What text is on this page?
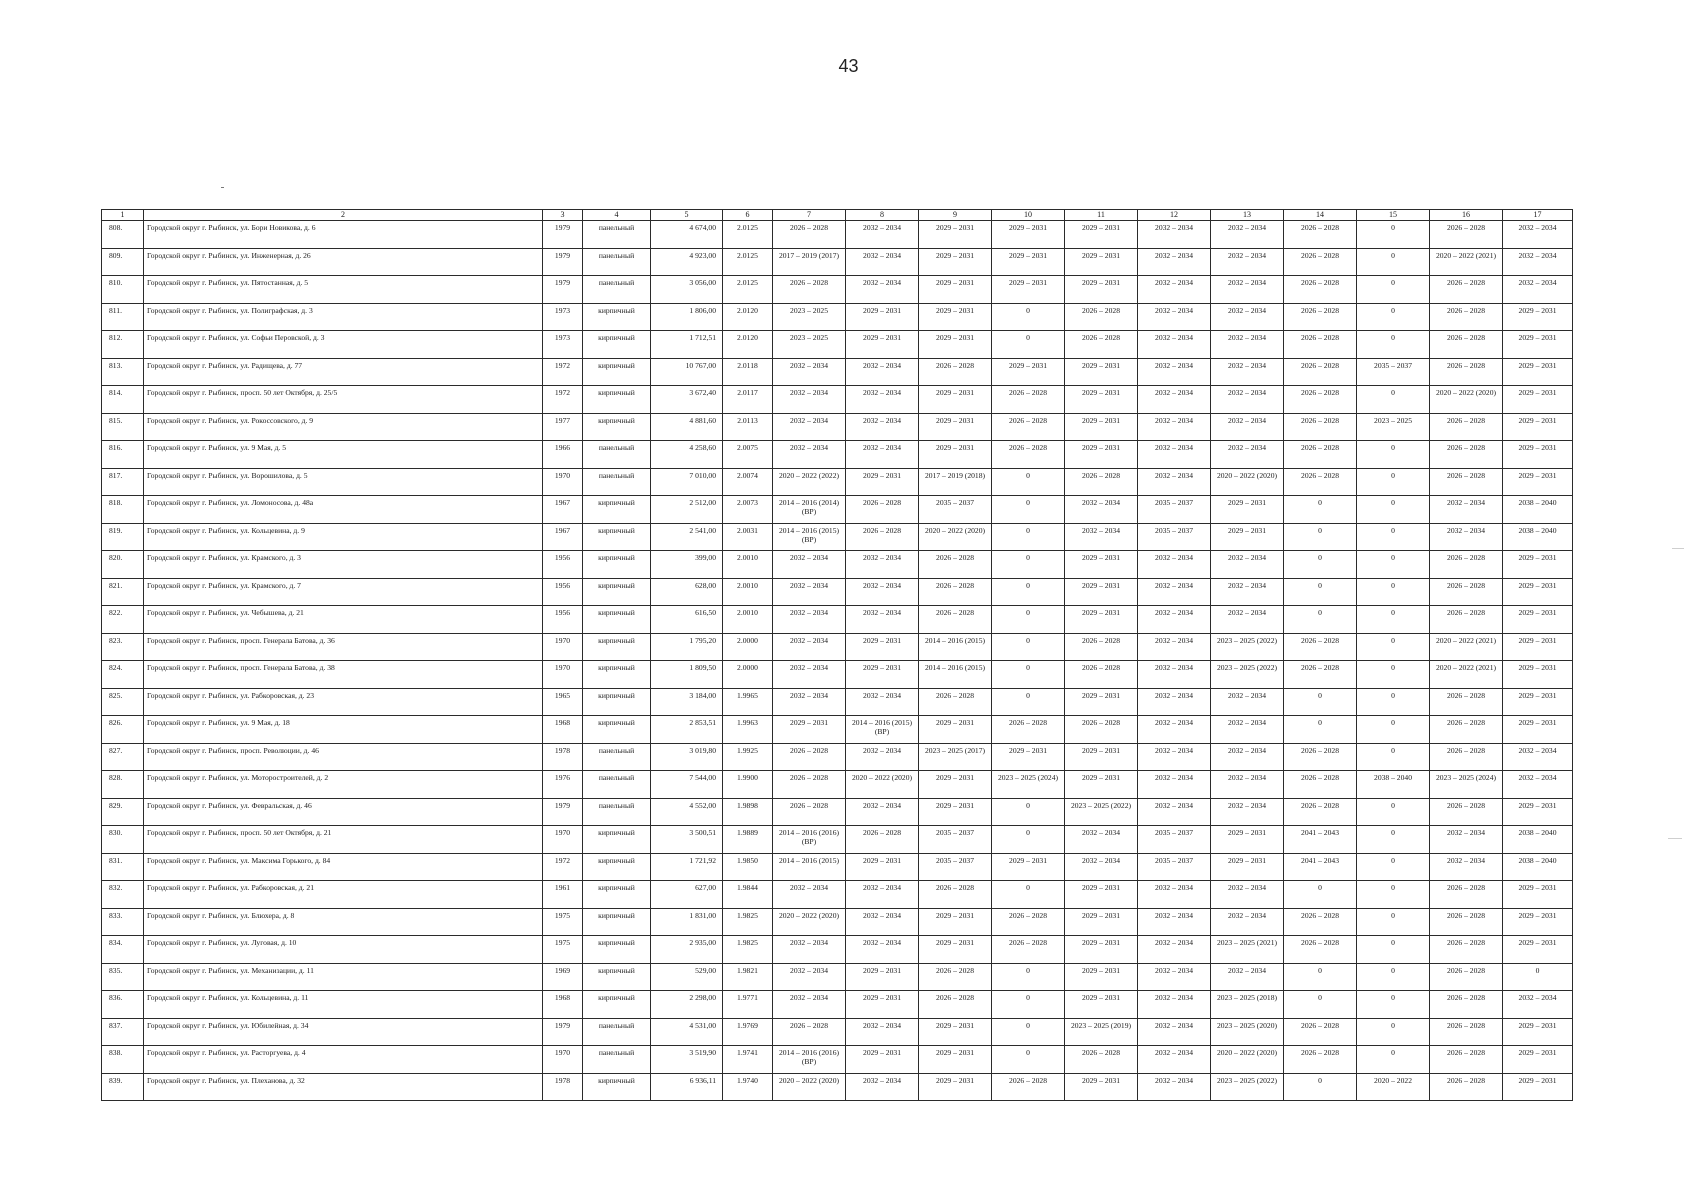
43
1	2	3	4	5	6	7	8	9	10	11	12	13	14	15	16	17
808.	Городской округ г. Рыбинск, ул. Бори Новикова, д. 6	1979	панельный	4 674,00	2.0125	2026 – 2028	2032 – 2034	2029 – 2031	2029 – 2031	2029 – 2031	2032 – 2034	2032 – 2034	2026 – 2028	0	2026 – 2028	2032 – 2034
809.	Городской округ г. Рыбинск, ул. Инженерная, д. 26	1979	панельный	4 923,00	2.0125	2017 – 2019 (2017)	2032 – 2034	2029 – 2031	2029 – 2031	2029 – 2031	2032 – 2034	2032 – 2034	2026 – 2028	0	2020 – 2022 (2021)	2032 – 2034
810.	Городской округ г. Рыбинск, ул. Пятостанная, д. 5	1979	панельный	3 056,00	2.0125	2026 – 2028	2032 – 2034	2029 – 2031	2029 – 2031	2029 – 2031	2032 – 2034	2032 – 2034	2026 – 2028	0	2026 – 2028	2032 – 2034
811.	Городской округ г. Рыбинск, ул. Полиграфская, д. 3	1973	кирпичный	1 806,00	2.0120	2023 – 2025	2029 – 2031	2029 – 2031	0	2026 – 2028	2032 – 2034	2032 – 2034	2026 – 2028	0	2026 – 2028	2029 – 2031
812.	Городской округ г. Рыбинск, ул. Софьи Перовской, д. 3	1973	кирпичный	1 712,51	2.0120	2023 – 2025	2029 – 2031	2029 – 2031	0	2026 – 2028	2032 – 2034	2032 – 2034	2026 – 2028	0	2026 – 2028	2029 – 2031
813.	Городской округ г. Рыбинск, ул. Радищева, д. 77	1972	кирпичный	10 767,00	2.0118	2032 – 2034	2032 – 2034	2026 – 2028	2029 – 2031	2029 – 2031	2032 – 2034	2032 – 2034	2026 – 2028	2035 – 2037	2026 – 2028	2029 – 2031
814.	Городской округ г. Рыбинск, просп. 50 лет Октября, д. 25/5	1972	кирпичный	3 672,40	2.0117	2032 – 2034	2032 – 2034	2029 – 2031	2026 – 2028	2029 – 2031	2032 – 2034	2032 – 2034	2026 – 2028	0	2020 – 2022 (2020)	2029 – 2031
815.	Городской округ г. Рыбинск, ул. Рокоссовского, д. 9	1977	кирпичный	4 881,60	2.0113	2032 – 2034	2032 – 2034	2029 – 2031	2026 – 2028	2029 – 2031	2032 – 2034	2032 – 2034	2026 – 2028	2023 – 2025	2026 – 2028	2029 – 2031
816.	Городской округ г. Рыбинск, ул. 9 Мая, д. 5	1966	панельный	4 258,60	2.0075	2032 – 2034	2032 – 2034	2029 – 2031	2026 – 2028	2029 – 2031	2032 – 2034	2032 – 2034	2026 – 2028	0	2026 – 2028	2029 – 2031
817.	Городской округ г. Рыбинск, ул. Ворошилова, д. 5	1970	панельный	7 010,00	2.0074	2020 – 2022 (2022)	2029 – 2031	2017 – 2019 (2018)	0	2026 – 2028	2032 – 2034	2020 – 2022 (2020)	2026 – 2028	0	2026 – 2028	2029 – 2031
818.	Городской округ г. Рыбинск, ул. Ломоносова, д. 48а	1967	кирпичный	2 512,00	2.0073	2014 – 2016 (2014) (ВР)	2026 – 2028	2035 – 2037	0	2032 – 2034	2035 – 2037	2029 – 2031	0	0	2032 – 2034	2038 – 2040
819.	Городской округ г. Рыбинск, ул. Кольцевина, д. 9	1967	кирпичный	2 541,00	2.0031	2014 – 2016 (2015) (ВР)	2026 – 2028	2020 – 2022 (2020)	0	2032 – 2034	2035 – 2037	2029 – 2031	0	0	2032 – 2034	2038 – 2040
820.	Городской округ г. Рыбинск, ул. Крамского, д. 3	1956	кирпичный	399,00	2.0010	2032 – 2034	2032 – 2034	2026 – 2028	0	2029 – 2031	2032 – 2034	2032 – 2034	0	0	2026 – 2028	2029 – 2031
821.	Городской округ г. Рыбинск, ул. Крамского, д. 7	1956	кирпичный	628,00	2.0010	2032 – 2034	2032 – 2034	2026 – 2028	0	2029 – 2031	2032 – 2034	2032 – 2034	0	0	2026 – 2028	2029 – 2031
822.	Городской округ г. Рыбинск, ул. Чебышева, д. 21	1956	кирпичный	616,50	2.0010	2032 – 2034	2032 – 2034	2026 – 2028	0	2029 – 2031	2032 – 2034	2032 – 2034	0	0	2026 – 2028	2029 – 2031
823.	Городской округ г. Рыбинск, просп. Генерала Батова, д. 36	1970	кирпичный	1 795,20	2.0000	2032 – 2034	2029 – 2031	2014 – 2016 (2015)	0	2026 – 2028	2032 – 2034	2023 – 2025 (2022)	2026 – 2028	0	2020 – 2022 (2021)	2029 – 2031
824.	Городской округ г. Рыбинск, просп. Генерала Батова, д. 38	1970	кирпичный	1 809,50	2.0000	2032 – 2034	2029 – 2031	2014 – 2016 (2015)	0	2026 – 2028	2032 – 2034	2023 – 2025 (2022)	2026 – 2028	0	2020 – 2022 (2021)	2029 – 2031
825.	Городской округ г. Рыбинск, ул. Рабкоровская, д. 23	1965	кирпичный	3 184,00	1.9965	2032 – 2034	2032 – 2034	2026 – 2028	0	2029 – 2031	2032 – 2034	2032 – 2034	0	0	2026 – 2028	2029 – 2031
826.	Городской округ г. Рыбинск, ул. 9 Мая, д. 18	1968	кирпичный	2 853,51	1.9963	2029 – 2031	2014 – 2016 (2015) (ВР)	2029 – 2031	2026 – 2028	2026 – 2028	2032 – 2034	2032 – 2034	0	0	2026 – 2028	2029 – 2031
827.	Городской округ г. Рыбинск, просп. Революции, д. 46	1978	панельный	3 019,80	1.9925	2026 – 2028	2032 – 2034	2023 – 2025 (2017)	2029 – 2031	2029 – 2031	2032 – 2034	2032 – 2034	2026 – 2028	0	2026 – 2028	2032 – 2034
828.	Городской округ г. Рыбинск, ул. Моторостроителей, д. 2	1976	панельный	7 544,00	1.9900	2026 – 2028	2020 – 2022 (2020)	2029 – 2031	2023 – 2025 (2024)	2029 – 2031	2032 – 2034	2032 – 2034	2026 – 2028	2038 – 2040	2023 – 2025 (2024)	2032 – 2034
829.	Городской округ г. Рыбинск, ул. Февральская, д. 46	1979	панельный	4 552,00	1.9898	2026 – 2028	2032 – 2034	2029 – 2031	0	2023 – 2025 (2022)	2032 – 2034	2032 – 2034	2026 – 2028	0	2026 – 2028	2029 – 2031
830.	Городской округ г. Рыбинск, просп. 50 лет Октября, д. 21	1970	кирпичный	3 500,51	1.9889	2014 – 2016 (2016) (ВР)	2026 – 2028	2035 – 2037	0	2032 – 2034	2035 – 2037	2029 – 2031	2041 – 2043	0	2032 – 2034	2038 – 2040
831.	Городской округ г. Рыбинск, ул. Максима Горького, д. 84	1972	кирпичный	1 721,92	1.9850	2014 – 2016 (2015)	2029 – 2031	2035 – 2037	2029 – 2031	2032 – 2034	2035 – 2037	2029 – 2031	2041 – 2043	0	2032 – 2034	2038 – 2040
832.	Городской округ г. Рыбинск, ул. Рабкоровская, д. 21	1961	кирпичный	627,00	1.9844	2032 – 2034	2032 – 2034	2026 – 2028	0	2029 – 2031	2032 – 2034	2032 – 2034	0	0	2026 – 2028	2029 – 2031
833.	Городской округ г. Рыбинск, ул. Блюхера, д. 8	1975	кирпичный	1 831,00	1.9825	2020 – 2022 (2020)	2032 – 2034	2029 – 2031	2026 – 2028	2029 – 2031	2032 – 2034	2032 – 2034	2026 – 2028	0	2026 – 2028	2029 – 2031
834.	Городской округ г. Рыбинск, ул. Луговая, д. 10	1975	кирпичный	2 935,00	1.9825	2032 – 2034	2032 – 2034	2029 – 2031	2026 – 2028	2029 – 2031	2032 – 2034	2023 – 2025 (2021)	2026 – 2028	0	2026 – 2028	2029 – 2031
835.	Городской округ г. Рыбинск, ул. Механизации, д. 11	1969	кирпичный	529,00	1.9821	2032 – 2034	2029 – 2031	2026 – 2028	0	2029 – 2031	2032 – 2034	2032 – 2034	0	0	2026 – 2028	0
836.	Городской округ г. Рыбинск, ул. Кольцевина, д. 11	1968	кирпичный	2 298,00	1.9771	2032 – 2034	2029 – 2031	2026 – 2028	0	2029 – 2031	2032 – 2034	2023 – 2025 (2018)	0	0	2026 – 2028	2032 – 2034
837.	Городской округ г. Рыбинск, ул. Юбилейная, д. 34	1979	панельный	4 531,00	1.9769	2026 – 2028	2032 – 2034	2029 – 2031	0	2023 – 2025 (2019)	2032 – 2034	2023 – 2025 (2020)	2026 – 2028	0	2026 – 2028	2029 – 2031
838.	Городской округ г. Рыбинск, ул. Расторгуева, д. 4	1970	панельный	3 519,90	1.9741	2014 – 2016 (2016) (ВР)	2029 – 2031	2029 – 2031	0	2026 – 2028	2032 – 2034	2020 – 2022 (2020)	2026 – 2028	0	2026 – 2028	2029 – 2031
839.	Городской округ г. Рыбинск, ул. Плеханова, д. 32	1978	кирпичный	6 936,11	1.9740	2020 – 2022 (2020)	2032 – 2034	2029 – 2031	2026 – 2028	2029 – 2031	2032 – 2034	2023 – 2025 (2022)	0	2020 – 2022	2026 – 2028	2029 – 2031
